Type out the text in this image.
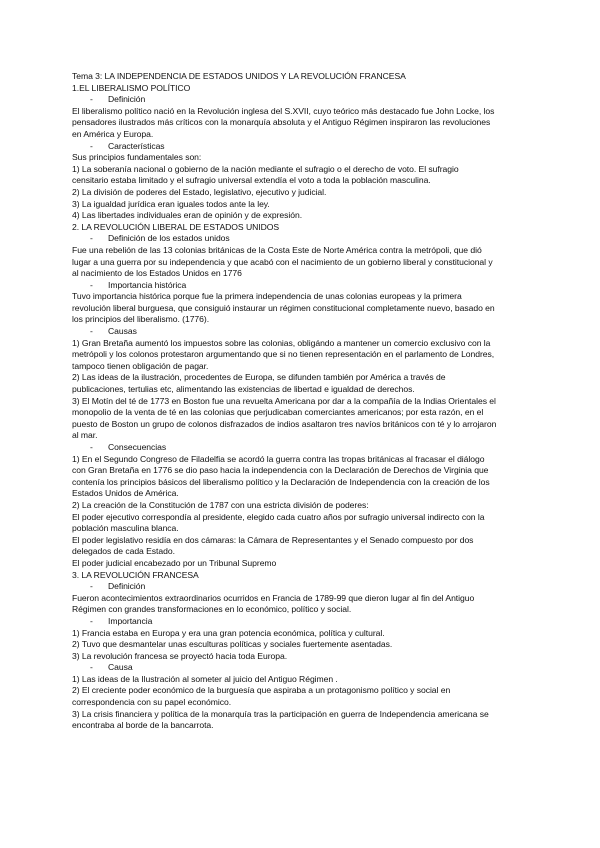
Tema 3: LA INDEPENDENCIA DE ESTADOS UNIDOS Y LA REVOLUCIÓN FRANCESA
1.EL LIBERALISMO POLÍTICO
- Definición
El liberalismo político nació en la Revolución inglesa del S.XVII, cuyo teórico más destacado fue John Locke, los
pensadores ilustrados más críticos con la monarquía absoluta y el Antiguo Régimen inspiraron las revoluciones
en América y Europa.
- Características
Sus principios fundamentales son:
1) La soberanía nacional o gobierno de la nación mediante el sufragio o el derecho de voto. El sufragio
censitario estaba limitado y el sufragio universal extendía el voto a toda la población masculina.
2) La división de poderes del Estado, legislativo, ejecutivo y judicial.
3) La igualdad jurídica eran iguales todos ante la ley.
4) Las libertades individuales eran de opinión y de expresión.
2. LA REVOLUCIÓN LIBERAL DE ESTADOS UNIDOS
- Definición de los estados unidos
Fue una rebelión de las 13 colonias británicas de la Costa Este de Norte América contra la metrópoli, que dió
lugar a una guerra por su independencia y que acabó con el nacimiento de un gobierno liberal y constitucional y
al nacimiento de los Estados Unidos en 1776
- Importancia histórica
Tuvo importancia histórica porque fue la primera independencia de unas colonias europeas y la primera
revolución liberal burguesa, que consiguió instaurar un régimen constitucional completamente nuevo, basado en
los principios del liberalismo. (1776).
- Causas
1) Gran Bretaña aumentó los impuestos sobre las colonias, obligándo a mantener un comercio exclusivo con la
metrópoli y los colonos protestaron argumentando que si no tienen representación en el parlamento de Londres,
tampoco tienen obligación de pagar.
2) Las ideas de la ilustración, procedentes de Europa, se difunden también por América a través de
publicaciones, tertulias etc, alimentando las existencias de libertad e igualdad de derechos.
3) El Motín del té de 1773 en Boston fue una revuelta Americana por dar a la compañía de la Indias Orientales el
monopolio de la venta de té en las colonias que perjudicaban comerciantes americanos; por esta razón, en el
puesto de Boston un grupo de colonos disfrazados de indios asaltaron tres navíos británicos con té y lo arrojaron
al mar.
- Consecuencias
1) En el Segundo Congreso de Filadelfia se acordó la guerra contra las tropas británicas al fracasar el diálogo
con Gran Bretaña en 1776 se dio paso hacia la independencia con la Declaración de Derechos de Virginia que
contenía los principios básicos del liberalismo político y la Declaración de Independencia con la creación de los
Estados Unidos de América.
2) La creación de la Constitución de 1787 con una estricta división de poderes:
El poder ejecutivo correspondía al presidente, elegido cada cuatro años por sufragio universal indirecto con la
población masculina blanca.
El poder legislativo residía en dos cámaras: la Cámara de Representantes y el Senado compuesto por dos
delegados de cada Estado.
El poder judicial encabezado por un Tribunal Supremo
3. LA REVOLUCIÓN FRANCESA
- Definición
Fueron acontecimientos extraordinarios ocurridos en Francia de 1789-99 que dieron lugar al fin del Antiguo
Régimen con grandes transformaciones en lo económico, político y social.
- Importancia
1) Francia estaba en Europa y era una gran potencia económica, política y cultural.
2) Tuvo que desmantelar unas esculturas políticas y sociales fuertemente asentadas.
3) La revolución francesa se proyectó hacia toda Europa.
- Causa
1) Las ideas de la Ilustración al someter al juicio del Antiguo Régimen .
2) El creciente poder económico de la burguesía que aspiraba a un protagonismo político y social en
correspondencia con su papel económico.
3) La crisis financiera y política de la monarquía tras la participación en guerra de Independencia americana se
encontraba al borde de la bancarrota.
